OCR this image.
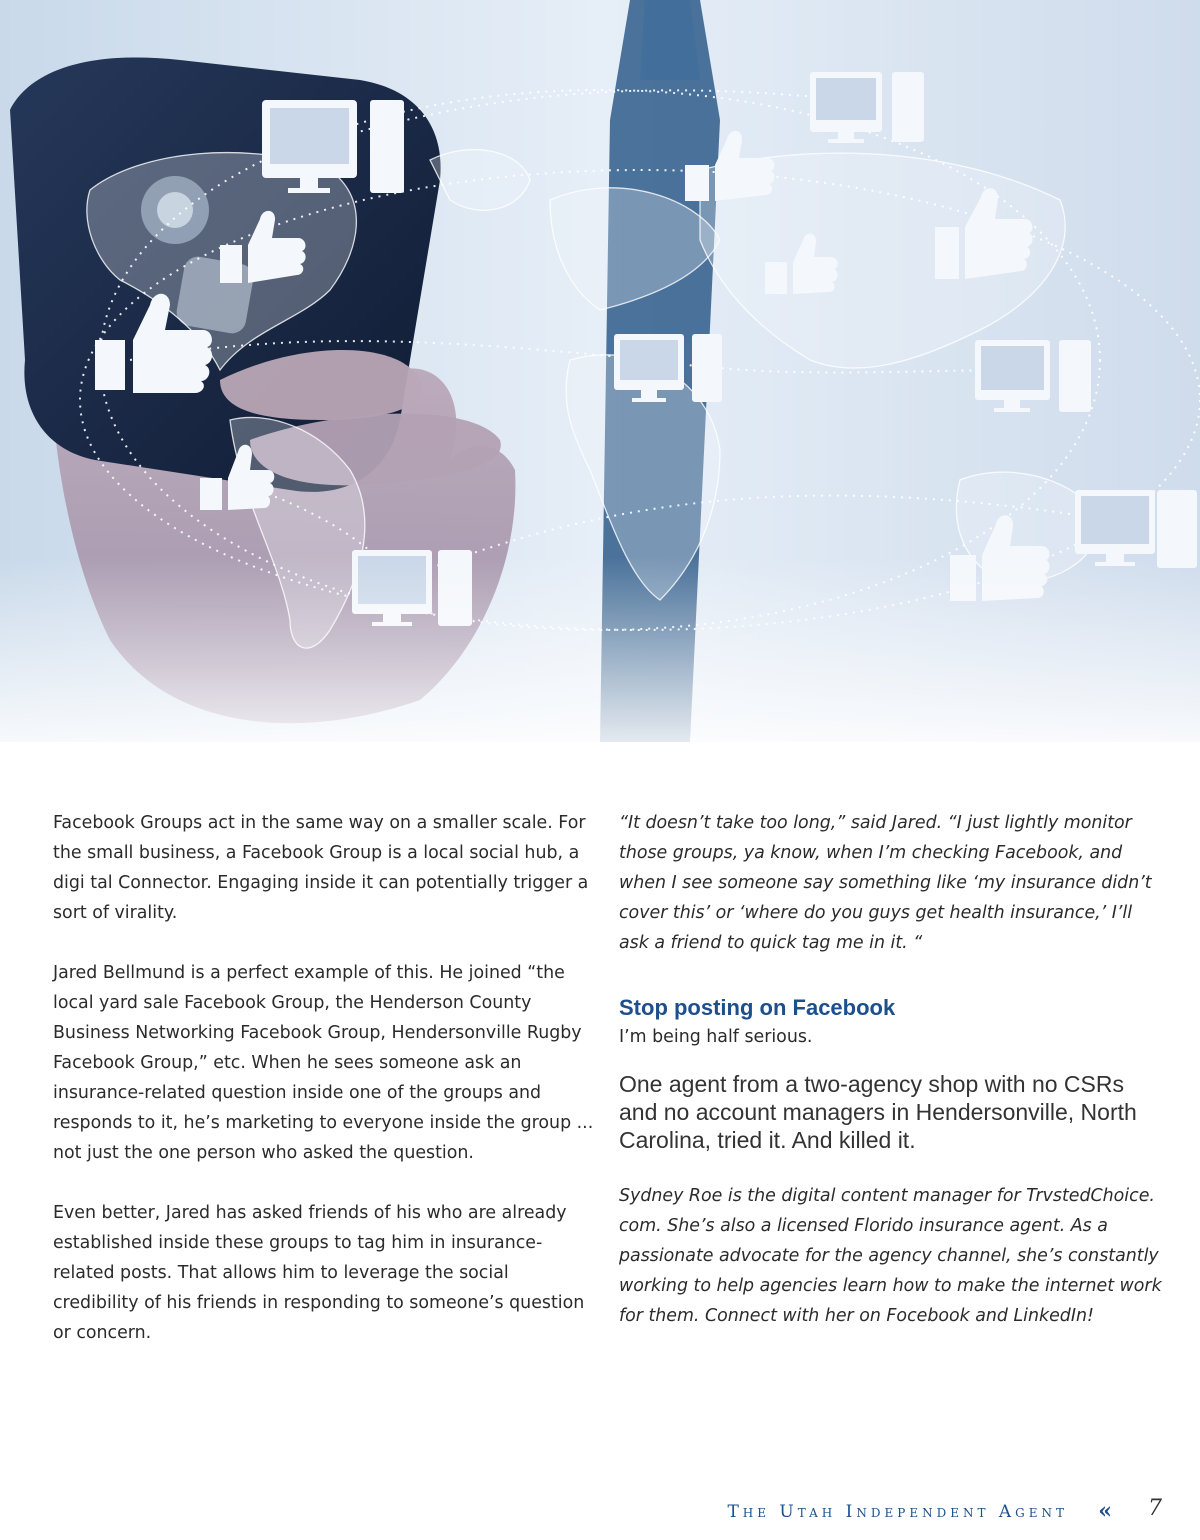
Facebook Groups act in the same way on a smaller scale. For the small business, a Facebook Group is a local social hub, a digi tal Connector. Engaging inside it can potentially trigger a sort of virality.

Jared Bellmund is a perfect example of this. He joined “the local yard sale Facebook Group, the Henderson County Business Networking Facebook Group, Hendersonville Rugby Facebook Group,” etc. When he sees someone ask an insurance-related question inside one of the groups and responds to it, he’s marketing to everyone inside the group ... not just the one person who asked the question.

Even better, Jared has asked friends of his who are already established inside these groups to tag him in insurance-related posts. That allows him to leverage the social credibility of his friends in responding to someone’s question or concern.

“It doesn’t take too long,” said Jared. “I just lightly monitor those groups, ya know, when I’m checking Facebook, and when I see someone say something like ‘my insurance didn’t cover this’ or ‘where do you guys get health insurance,’ I’ll ask a friend to quick tag me in it. “

Stop posting on Facebook

I’m being half serious.

One agent from a two-agency shop with no CSRs and no account managers in Hendersonville, North Carolina, tried it. And killed it.

Sydney Roe is the digital content manager for TrvstedChoice. com. She’s also a licensed Florido insurance agent. As a passionate advocate for the agency channel, she’s constantly working to help agencies learn how to make the internet work for them. Connect with her on Focebook and LinkedIn!

The Utah Independent Agent « 7
